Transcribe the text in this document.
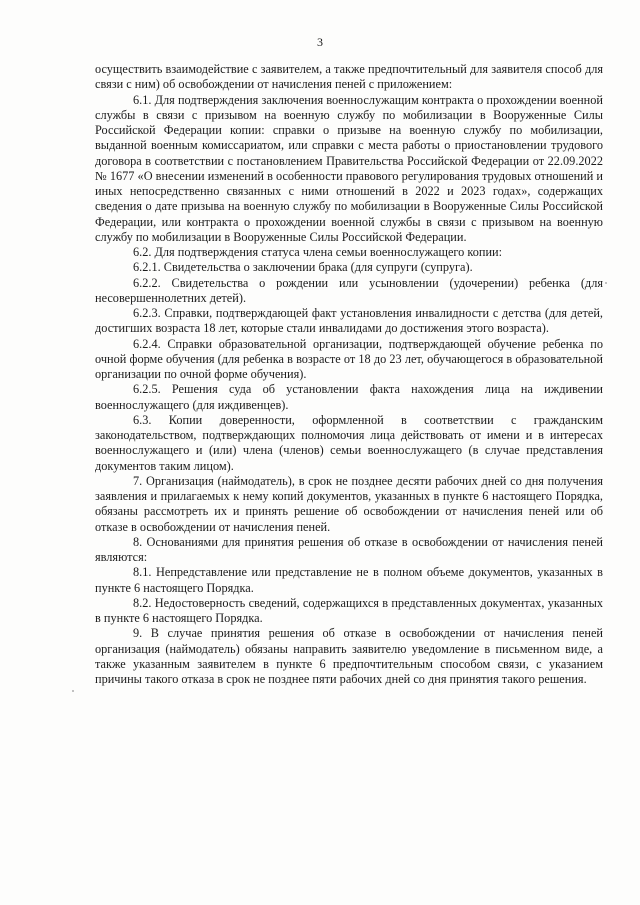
3

осуществить взаимодействие с заявителем, а также предпочтительный для заявителя способ для связи с ним) об освобождении от начисления пеней с приложением:

6.1. Для подтверждения заключения военнослужащим контракта о прохождении военной службы в связи с призывом на военную службу по мобилизации в Вооруженные Силы Российской Федерации копии: справки о призыве на военную службу по мобилизации, выданной военным комиссариатом, или справки с места работы о приостановлении трудового договора в соответствии с постановлением Правительства Российской Федерации от 22.09.2022 № 1677 «О внесении изменений в особенности правового регулирования трудовых отношений и иных непосредственно связанных с ними отношений в 2022 и 2023 годах», содержащих сведения о дате призыва на военную службу по мобилизации в Вооруженные Силы Российской Федерации, или контракта о прохождении военной службы в связи с призывом на военную службу по мобилизации в Вооруженные Силы Российской Федерации.

6.2. Для подтверждения статуса члена семьи военнослужащего копии:

6.2.1. Свидетельства о заключении брака (для супруги (супруга).

6.2.2. Свидетельства о рождении или усыновлении (удочерении) ребенка (для несовершеннолетних детей).

6.2.3. Справки, подтверждающей факт установления инвалидности с детства (для детей, достигших возраста 18 лет, которые стали инвалидами до достижения этого возраста).

6.2.4. Справки образовательной организации, подтверждающей обучение ребенка по очной форме обучения (для ребенка в возрасте от 18 до 23 лет, обучающегося в образовательной организации по очной форме обучения).

6.2.5. Решения суда об установлении факта нахождения лица на иждивении военнослужащего (для иждивенцев).

6.3. Копии доверенности, оформленной в соответствии с гражданским законодательством, подтверждающих полномочия лица действовать от имени и в интересах военнослужащего и (или) члена (членов) семьи военнослужащего (в случае представления документов таким лицом).

7. Организация (наймодатель), в срок не позднее десяти рабочих дней со дня получения заявления и прилагаемых к нему копий документов, указанных в пункте 6 настоящего Порядка, обязаны рассмотреть их и принять решение об освобождении от начисления пеней или об отказе в освобождении от начисления пеней.

8. Основаниями для принятия решения об отказе в освобождении от начисления пеней являются:

8.1. Непредставление или представление не в полном объеме документов, указанных в пункте 6 настоящего Порядка.

8.2. Недостоверность сведений, содержащихся в представленных документах, указанных в пункте 6 настоящего Порядка.

9. В случае принятия решения об отказе в освобождении от начисления пеней организация (наймодатель) обязаны направить заявителю уведомление в письменном виде, а также указанным заявителем в пункте 6 предпочтительным способом связи, с указанием причины такого отказа в срок не позднее пяти рабочих дней со дня принятия такого решения.
